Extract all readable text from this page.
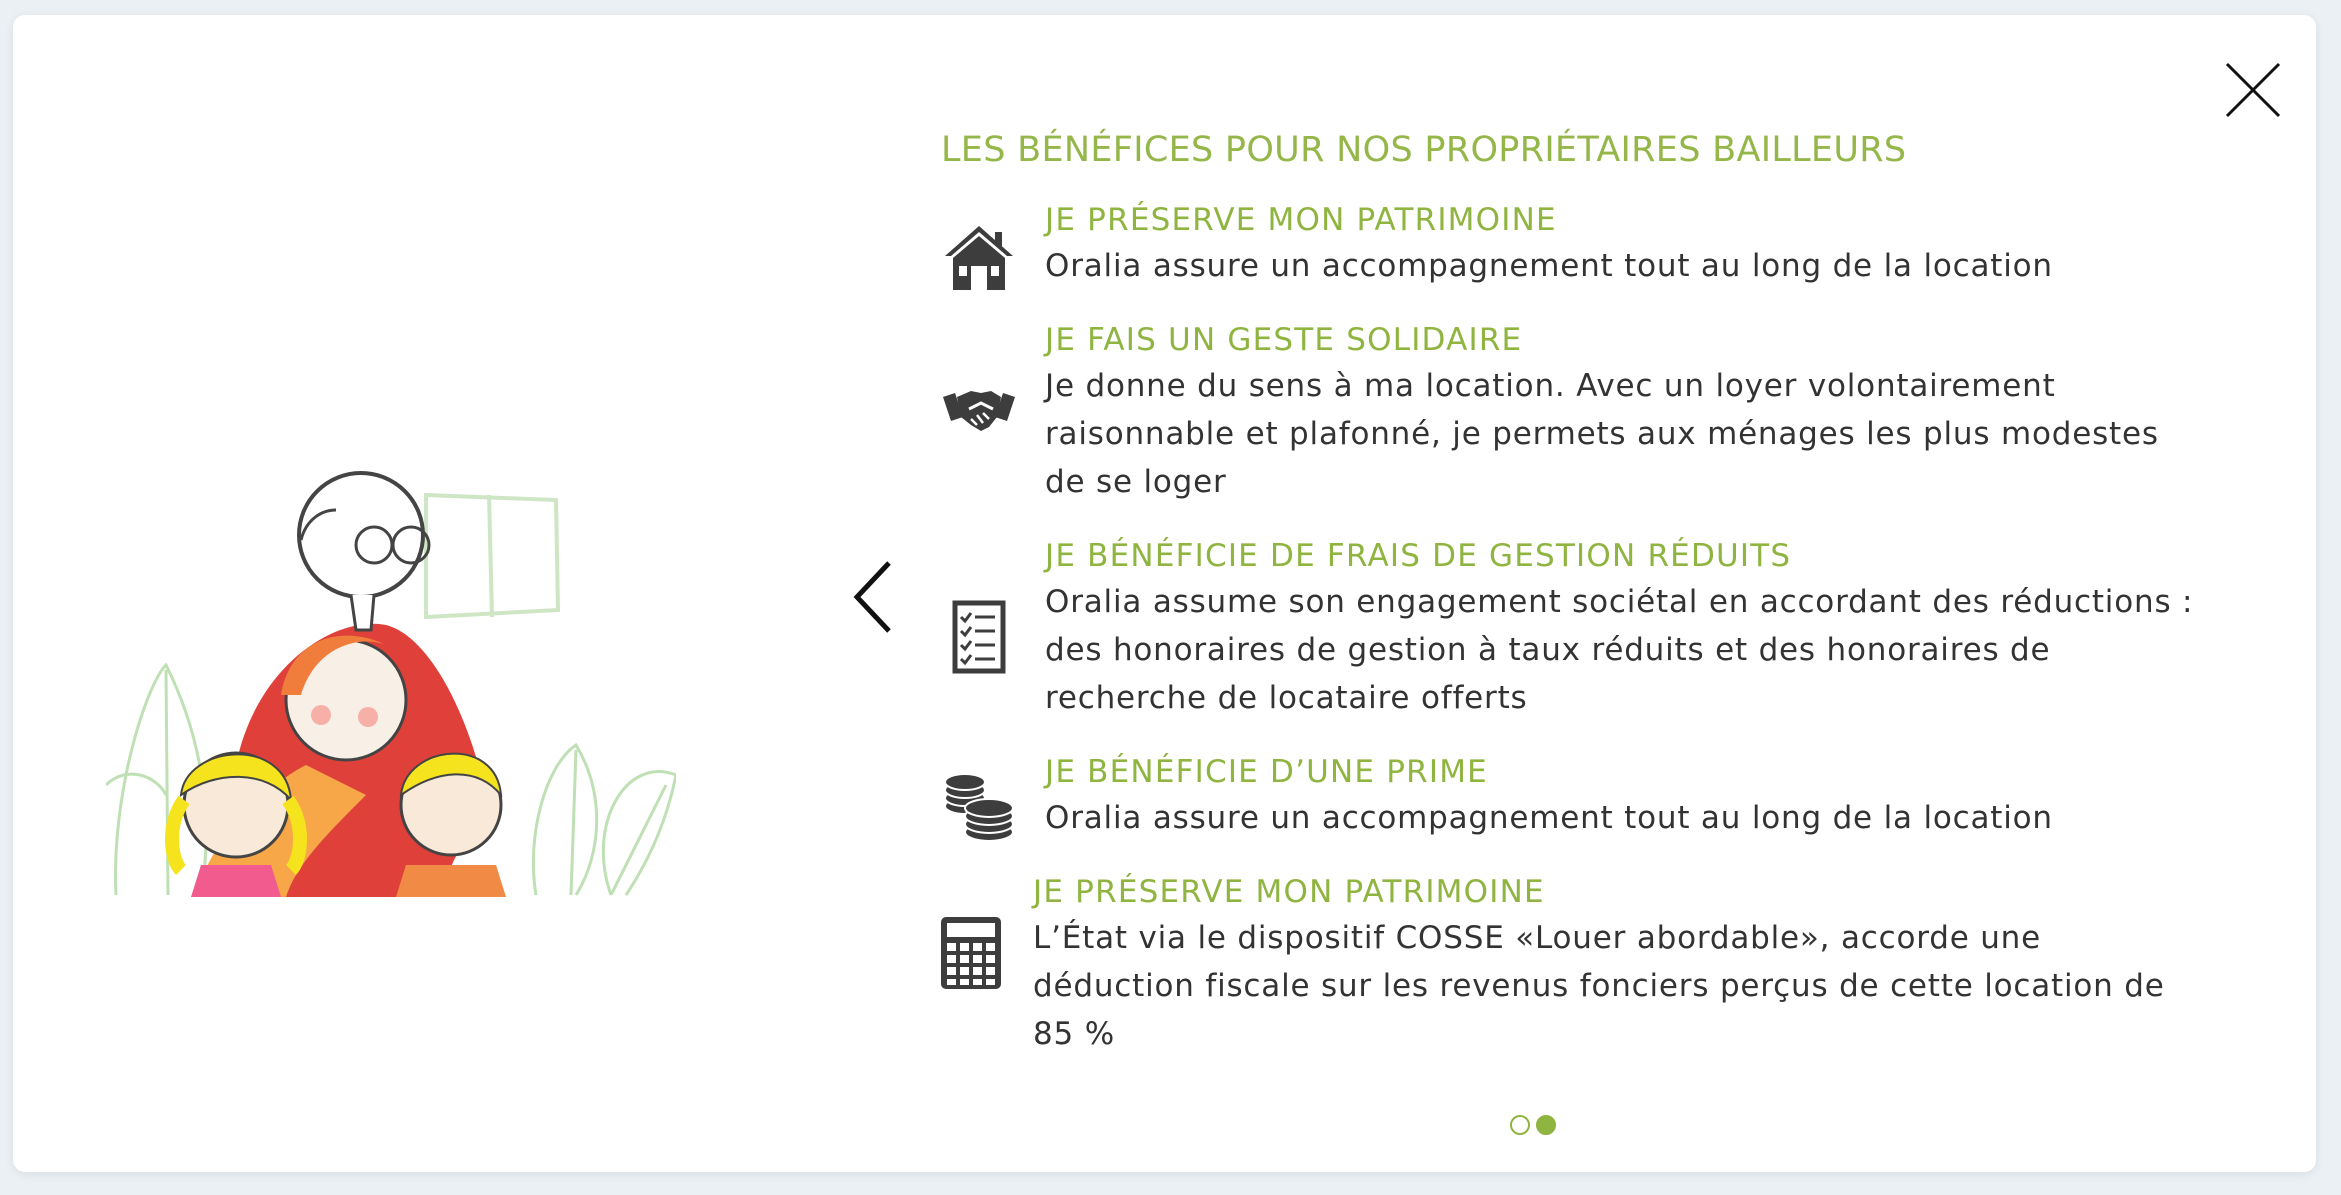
LES BÉNÉFICES POUR NOS PROPRIÉTAIRES BAILLEURS
JE PRÉSERVE MON PATRIMOINE
Oralia assure un accompagnement tout au long de la location
JE FAIS UN GESTE SOLIDAIRE
Je donne du sens à ma location. Avec un loyer volontairement raisonnable et plafonné, je permets aux ménages les plus modestes de se loger
JE BÉNÉFICIE DE FRAIS DE GESTION RÉDUITS
Oralia assume son engagement sociétal en accordant des réductions : des honoraires de gestion à taux réduits et des honoraires de recherche de locataire offerts
JE BÉNÉFICIE D’UNE PRIME
Oralia assure un accompagnement tout au long de la location
JE PRÉSERVE MON PATRIMOINE
L’État via le dispositif COSSE «Louer abordable», accorde une déduction fiscale sur les revenus fonciers perçus de cette location de 85 %
